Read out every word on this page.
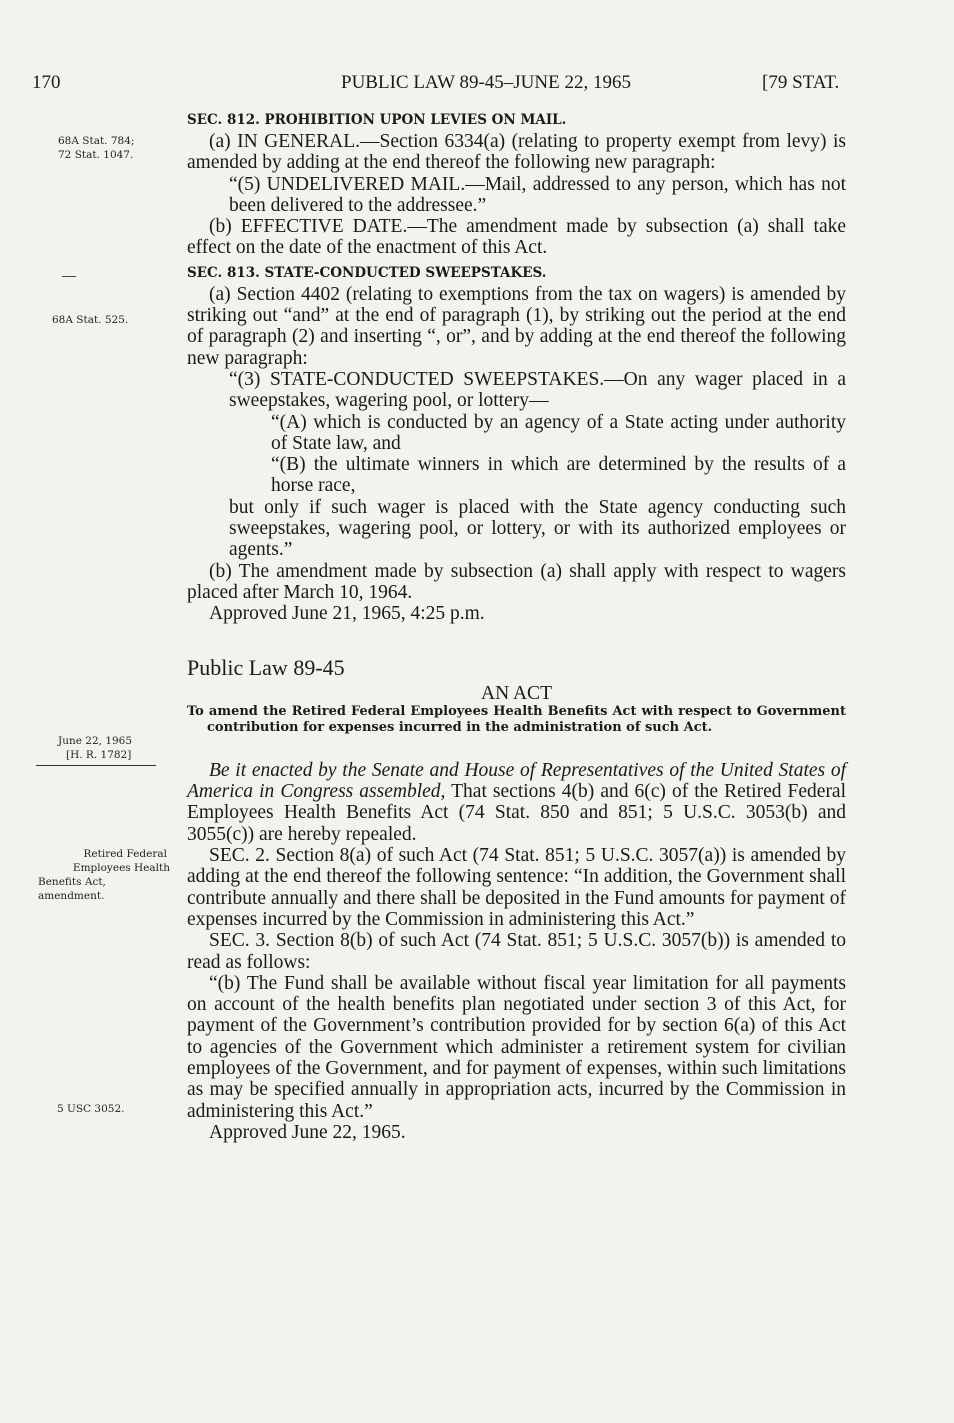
170	PUBLIC LAW 89-45–JUNE 22, 1965	[79 STAT.
68A Stat. 784;
72 Stat. 1047.
68A Stat. 525.
June 22, 1965
[H. R. 1782]
Retired Federal
Employees Health
Benefits Act,
amendment.
5 USC 3052.
SEC. 812. PROHIBITION UPON LEVIES ON MAIL.

(a) IN GENERAL.—Section 6334(a) (relating to property exempt from levy) is amended by adding at the end thereof the following new paragraph:

“(5) UNDELIVERED MAIL.—Mail, addressed to any person, which has not been delivered to the addressee.”

(b) EFFECTIVE DATE.—The amendment made by subsection (a) shall take effect on the date of the enactment of this Act.

SEC. 813. STATE-CONDUCTED SWEEPSTAKES.

(a) Section 4402 (relating to exemptions from the tax on wagers) is amended by striking out “and” at the end of paragraph (1), by striking out the period at the end of paragraph (2) and inserting “, or”, and by adding at the end thereof the following new paragraph:

“(3) STATE-CONDUCTED SWEEPSTAKES.—On any wager placed in a sweepstakes, wagering pool, or lottery—

“(A) which is conducted by an agency of a State acting under authority of State law, and

“(B) the ultimate winners in which are determined by the results of a horse race,

but only if such wager is placed with the State agency conducting such sweepstakes, wagering pool, or lottery, or with its authorized employees or agents.”

(b) The amendment made by subsection (a) shall apply with respect to wagers placed after March 10, 1964.

Approved June 21, 1965, 4:25 p.m.

Public Law 89-45
AN ACT

To amend the Retired Federal Employees Health Benefits Act with respect to Government contribution for expenses incurred in the administration of such Act.

Be it enacted by the Senate and House of Representatives of the United States of America in Congress assembled, That sections 4(b) and 6(c) of the Retired Federal Employees Health Benefits Act (74 Stat. 850 and 851; 5 U.S.C. 3053(b) and 3055(c)) are hereby repealed.

SEC. 2. Section 8(a) of such Act (74 Stat. 851; 5 U.S.C. 3057(a)) is amended by adding at the end thereof the following sentence: “In addition, the Government shall contribute annually and there shall be deposited in the Fund amounts for payment of expenses incurred by the Commission in administering this Act.”

SEC. 3. Section 8(b) of such Act (74 Stat. 851; 5 U.S.C. 3057(b)) is amended to read as follows:

“(b) The Fund shall be available without fiscal year limitation for all payments on account of the health benefits plan negotiated under section 3 of this Act, for payment of the Government’s contribution provided for by section 6(a) of this Act to agencies of the Government which administer a retirement system for civilian employees of the Government, and for payment of expenses, within such limitations as may be specified annually in appropriation acts, incurred by the Commission in administering this Act.”

Approved June 22, 1965.
